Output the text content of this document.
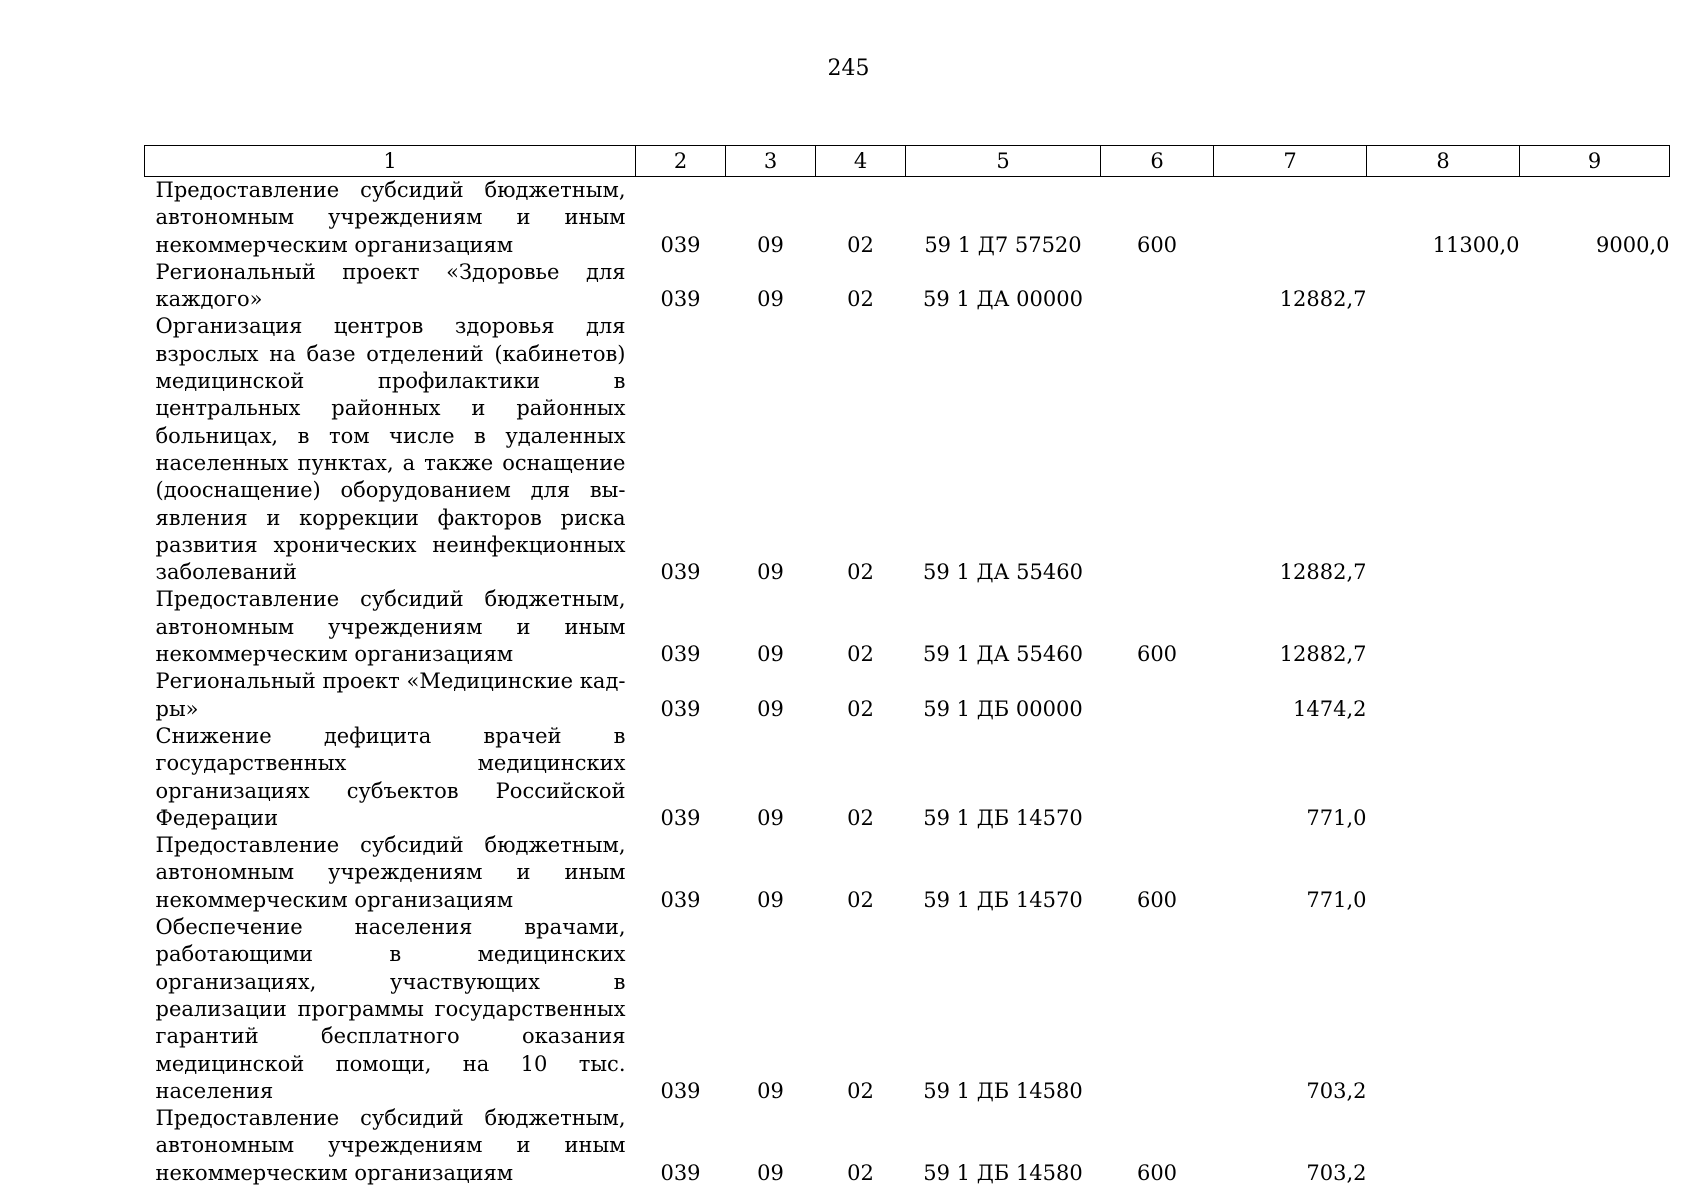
245
1	2	3	4	5	6	7	8	9
Предоставление субсидий бюджетным, автономным учреждениям и иным некоммерческим организациям	039	09	02	59 1 Д7 57520	600		11300,0	9000,0
Региональный проект «Здоровье для каждого»	039	09	02	59 1 ДА 00000		12882,7		
Организация центров здоровья для взрослых на базе отделений (кабинетов) медицинской профилактики в центральных районных и районных больницах, в том числе в удаленных населенных пунктах, а также оснащение (дооснащение) оборудованием для выявления и коррекции факторов риска развития хронических неинфекционных заболеваний	039	09	02	59 1 ДА 55460		12882,7		
Предоставление субсидий бюджетным, автономным учреждениям и иным некоммерческим организациям	039	09	02	59 1 ДА 55460	600	12882,7		
Региональный проект «Медицинские кадры»	039	09	02	59 1 ДБ 00000		1474,2		
Снижение дефицита врачей в государственных медицинских организациях субъектов Российской Федерации	039	09	02	59 1 ДБ 14570		771,0		
Предоставление субсидий бюджетным, автономным учреждениям и иным некоммерческим организациям	039	09	02	59 1 ДБ 14570	600	771,0		
Обеспечение населения врачами, работающими в медицинских организациях, участвующих в реализации программы государственных гарантий бесплатного оказания медицинской помощи, на 10 тыс. населения	039	09	02	59 1 ДБ 14580		703,2		
Предоставление субсидий бюджетным, автономным учреждениям и иным некоммерческим организациям	039	09	02	59 1 ДБ 14580	600	703,2		
